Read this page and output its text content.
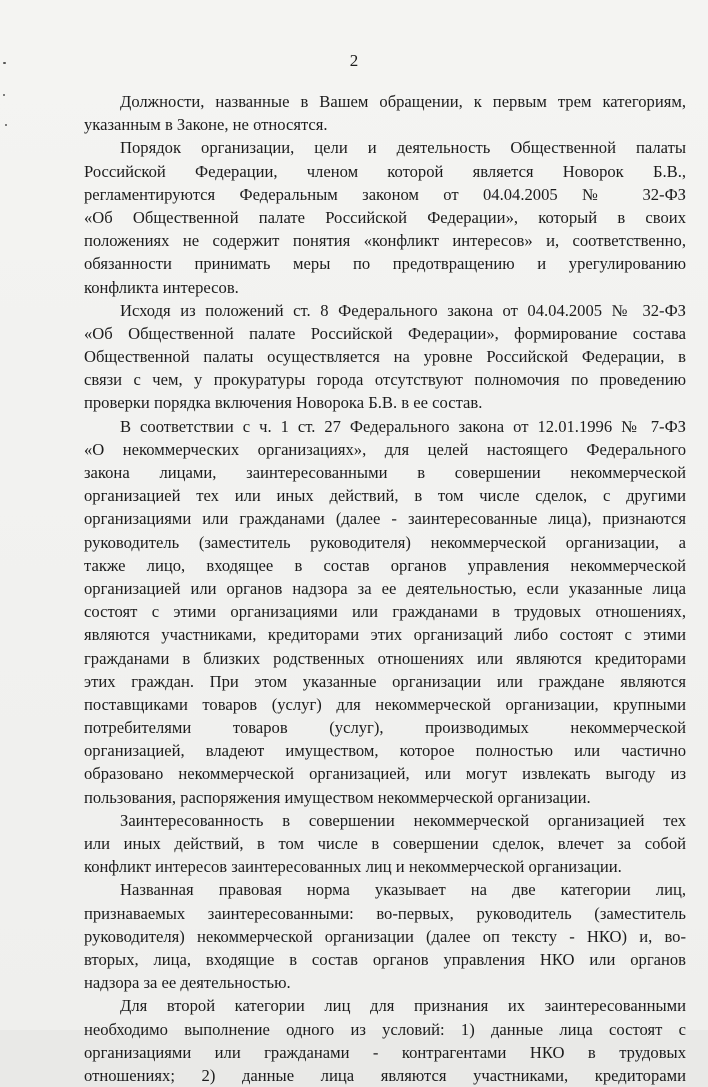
2
Должности, названные в Вашем обращении, к первым трем категориям,
указанным в Законе, не относятся.
Порядок организации, цели и деятельность Общественной палаты
Российской Федерации, членом которой является Новорок Б.В.,
регламентируются Федеральным законом от 04.04.2005 № 32-ФЗ
«Об Общественной палате Российской Федерации», который в своих
положениях не содержит понятия «конфликт интересов» и, соответственно,
обязанности принимать меры по предотвращению и урегулированию
конфликта интересов.
Исходя из положений ст. 8 Федерального закона от 04.04.2005 № 32-ФЗ
«Об Общественной палате Российской Федерации», формирование состава
Общественной палаты осуществляется на уровне Российской Федерации, в
связи с чем, у прокуратуры города отсутствуют полномочия по проведению
проверки порядка включения Новорока Б.В. в ее состав.
В соответствии с ч. 1 ст. 27 Федерального закона от 12.01.1996 № 7-ФЗ
«О некоммерческих организациях», для целей настоящего Федерального
закона лицами, заинтересованными в совершении некоммерческой
организацией тех или иных действий, в том числе сделок, с другими
организациями или гражданами (далее - заинтересованные лица), признаются
руководитель (заместитель руководителя) некоммерческой организации, а
также лицо, входящее в состав органов управления некоммерческой
организацией или органов надзора за ее деятельностью, если указанные лица
состоят с этими организациями или гражданами в трудовых отношениях,
являются участниками, кредиторами этих организаций либо состоят с этими
гражданами в близких родственных отношениях или являются кредиторами
этих граждан. При этом указанные организации или граждане являются
поставщиками товаров (услуг) для некоммерческой организации, крупными
потребителями товаров (услуг), производимых некоммерческой
организацией, владеют имуществом, которое полностью или частично
образовано некоммерческой организацией, или могут извлекать выгоду из
пользования, распоряжения имуществом некоммерческой организации.
Заинтересованность в совершении некоммерческой организацией тех
или иных действий, в том числе в совершении сделок, влечет за собой
конфликт интересов заинтересованных лиц и некоммерческой организации.
Названная правовая норма указывает на две категории лиц,
признаваемых заинтересованными: во-первых, руководитель (заместитель
руководителя) некоммерческой организации (далее оп тексту - НКО) и, во-
вторых, лица, входящие в состав органов управления НКО или органов
надзора за ее деятельностью.
Для второй категории лиц для признания их заинтересованными
необходимо выполнение одного из условий: 1) данные лица состоят с
организациями или гражданами - контрагентами НКО в трудовых
отношениях; 2) данные лица являются участниками, кредиторами
